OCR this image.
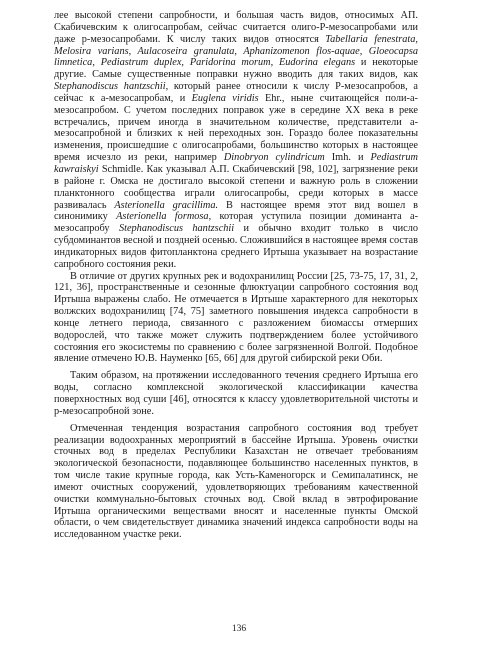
лее высокой степени сапробности, и большая часть видов, относимых АП. Скабичевским к олигосапробам, сейчас считается олиго-Р-мезосапробами или даже р-мезосапробами. К числу таких видов относятся Tabellaria fenestrata, Melosira varians, Aulacoseira granulata, Aphanizomenon flos-aquae, Gloeocapsa limnetica, Pediastrum duplex, Paridorina morum, Eudorina elegans и некоторые другие. Самые существенные поправки нужно вводить для таких видов, как Stephanodiscus hantzschii, который ранее относили к числу Р-мезосапробов, а сейчас к а-мезосапробам, и Euglena viridis Ehr., ныне считающейся поли-а-мезосапробом. С учетом последних поправок уже в середине XX века в реке встречались, причем иногда в значительном количестве, представители а-мезосапробной и близких к ней переходных зон. Гораздо более показательны изменения, происшедшие с олигосапробами, большинство которых в настоящее время исчезло из реки, например Dinobryon cylindricum Imh. и Pediastrum kawraiskyi Schmidle. Как указывал А.П. Скабичевский [98, 102], загрязнение реки в районе г. Омска не достигало высокой степени и важную роль в сложении планктонного сообщества играли олигосапробы, среди которых в массе развивалась Asterionella gracillima. В настоящее время этот вид вошел в синонимику Asterionella formosa, которая уступила позиции доминанта а-мезосапробу Stephanodiscus hantzschii и обычно входит только в число субдоминантов весной и поздней осенью. Сложившийся в настоящее время состав индикаторных видов фитопланктона среднего Иртыша указывает на возрастание сапробного состояния реки.

В отличие от других крупных рек и водохранилищ России [25, 73-75, 17, 31, 2, 121, 36], пространственные и сезонные флюктуации сапробного состояния вод Иртыша выражены слабо. Не отмечается в Иртыше характерного для некоторых волжских водохранилищ [74, 75] заметного повышения индекса сапробности в конце летнего периода, связанного с разложением биомассы отмерших водорослей, что также может служить подтверждением более устойчивого состояния его экосистемы по сравнению с более загрязненной Волгой. Подобное явление отмечено Ю.В. Науменко [65, 66] для другой сибирской реки Оби.

Таким образом, на протяжении исследованного течения среднего Иртыша его воды, согласно комплексной экологической классификации качества поверхностных вод суши [46], относятся к классу удовлетворительной чистоты и р-мезосапробной зоне.

Отмеченная тенденция возрастания сапробного состояния вод требует реализации водоохранных мероприятий в бассейне Иртыша. Уровень очистки сточных вод в пределах Республики Казахстан не отвечает требованиям экологической безопасности, подавляющее большинство населенных пунктов, в том числе такие крупные города, как Усть-Каменогорск и Семипалатинск, не имеют очистных сооружений, удовлетворяющих требованиям качественной очистки коммунально-бытовых сточных вод. Свой вклад в эвтрофирование Иртыша органическими веществами вносят и населенные пункты Омской области, о чем свидетельствует динамика значений индекса сапробности воды на исследованном участке реки.

136
